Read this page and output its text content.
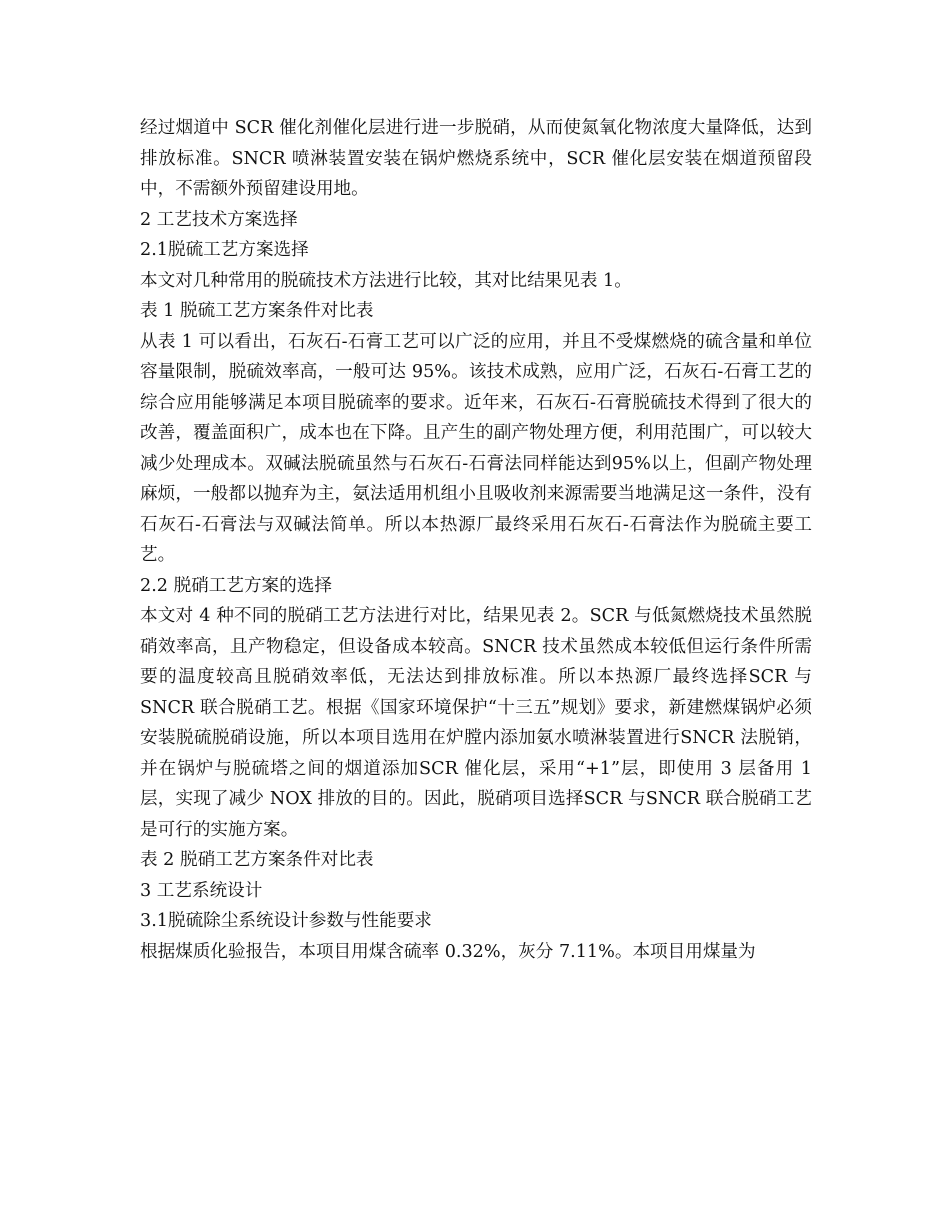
经过烟道中 SCR 催化剂催化层进行进一步脱硝，从而使氮氧化物浓度大量降低，达到排放标准。SNCR 喷淋装置安装在锅炉燃烧系统中，SCR 催化层安装在烟道预留段中，不需额外预留建设用地。

2 工艺技术方案选择

2.1脱硫工艺方案选择

本文对几种常用的脱硫技术方法进行比较，其对比结果见表 1。

表 1 脱硫工艺方案条件对比表

从表 1 可以看出，石灰石-石膏工艺可以广泛的应用，并且不受煤燃烧的硫含量和单位容量限制，脱硫效率高，一般可达 95%。该技术成熟，应用广泛，石灰石-石膏工艺的综合应用能够满足本项目脱硫率的要求。近年来，石灰石-石膏脱硫技术得到了很大的改善，覆盖面积广，成本也在下降。且产生的副产物处理方便，利用范围广，可以较大减少处理成本。双碱法脱硫虽然与石灰石-石膏法同样能达到95%以上，但副产物处理麻烦，一般都以抛弃为主，氨法适用机组小且吸收剂来源需要当地满足这一条件，没有石灰石-石膏法与双碱法简单。所以本热源厂最终采用石灰石-石膏法作为脱硫主要工艺。

2.2 脱硝工艺方案的选择

本文对 4 种不同的脱硝工艺方法进行对比，结果见表 2。SCR 与低氮燃烧技术虽然脱硝效率高，且产物稳定，但设备成本较高。SNCR 技术虽然成本较低但运行条件所需要的温度较高且脱硝效率低，无法达到排放标准。所以本热源厂最终选择SCR 与SNCR 联合脱硝工艺。根据《国家环境保护“十三五”规划》要求，新建燃煤锅炉必须安装脱硫脱硝设施，所以本项目选用在炉膛内添加氨水喷淋装置进行SNCR 法脱销，并在锅炉与脱硫塔之间的烟道添加SCR 催化层，采用“+1”层，即使用 3 层备用 1 层，实现了减少 NOX 排放的目的。因此，脱硝项目选择SCR 与SNCR 联合脱硝工艺是可行的实施方案。

表 2 脱硝工艺方案条件对比表

3 工艺系统设计

3.1脱硫除尘系统设计参数与性能要求

根据煤质化验报告，本项目用煤含硫率 0.32%，灰分 7.11%。本项目用煤量为
